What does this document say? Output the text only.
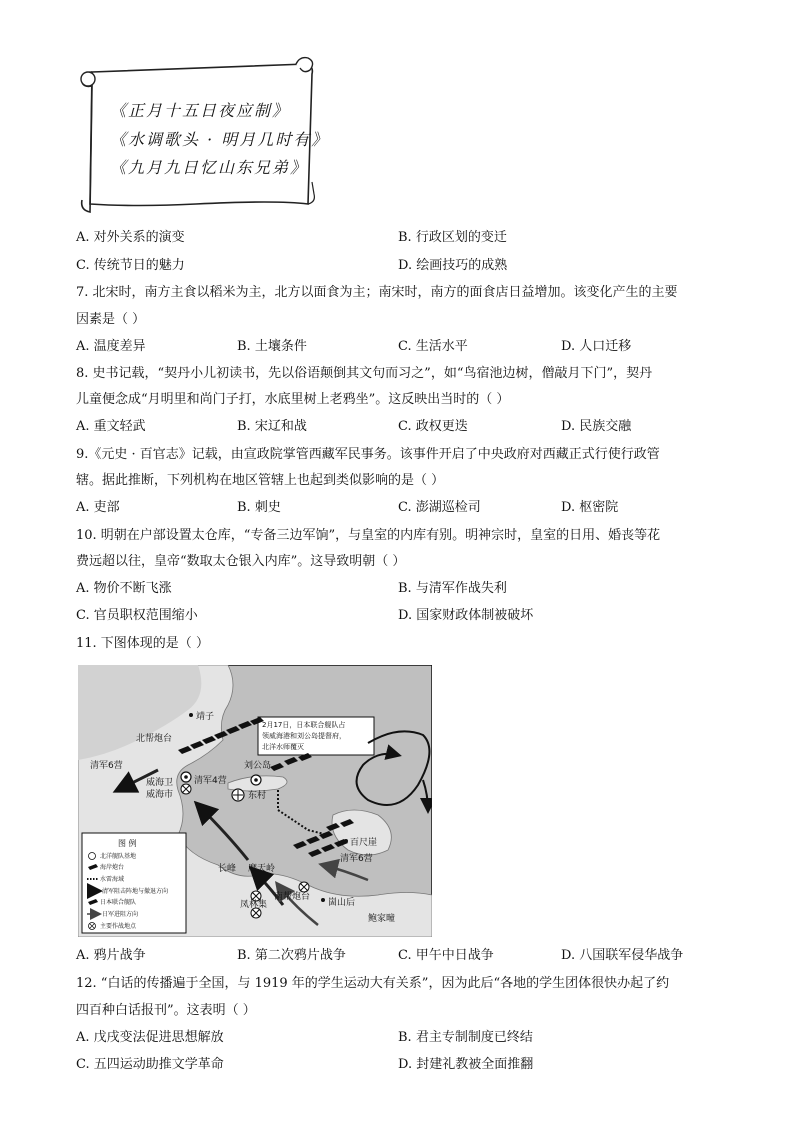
《正月十五日夜应制》
《水调歌头 · 明月几时有》
《九月九日忆山东兄弟》
A. 对外关系的演变	B. 行政区划的变迁
C. 传统节日的魅力	D. 绘画技巧的成熟
7. 北宋时，南方主食以稻米为主，北方以面食为主；南宋时，南方的面食店日益增加。该变化产生的主要
因素是（ ）
A. 温度差异	B. 土壤条件	C. 生活水平	D. 人口迁移
8. 史书记载，“契丹小儿初读书，先以俗语颠倒其文句而习之”，如“鸟宿池边树，僧敲月下门”，契丹
儿童便念成“月明里和尚门子打，水底里树上老鸦坐”。这反映出当时的（ ）
A. 重文轻武	B. 宋辽和战	C. 政权更迭	D. 民族交融
9.《元史 · 百官志》记载，由宣政院掌管西藏军民事务。该事件开启了中央政府对西藏正式行使行政管
辖。据此推断，下列机构在地区管辖上也起到类似影响的是（ ）
A. 吏部	B. 刺史	C. 澎湖巡检司	D. 枢密院
10. 明朝在户部设置太仓库，“专备三边军饷”，与皇室的内库有别。明神宗时，皇室的日用、婚丧等花
费远超以往，皇帝“数取太仓银入内库”。这导致明朝（ ）
A. 物价不断飞涨	B. 与清军作战失利
C. 官员职权范围缩小	D. 国家财政体制被破坏
11. 下图体现的是（ ）
2月17日，日本联合舰队占
领威海港和刘公岛提督府，
北洋水师覆灭
靖子
北帮炮台
清军6营
威海卫
威海市
清军4营
刘公岛
东村
百尺崖
清军6营
长峰 摩天岭
南帮炮台
凤林集	崮山后
鲍家疃
图 例
北洋舰队基地
海岸炮台
水雷海域
清军阻击阵地与撤退方向
日本联合舰队
日军进阻方向
主要作战地点
A. 鸦片战争	B. 第二次鸦片战争	C. 甲午中日战争	D. 八国联军侵华战争
12. “白话的传播遍于全国，与 1919 年的学生运动大有关系”，因为此后“各地的学生团体很快办起了约
四百种白话报刊”。这表明（ ）
A. 戊戌变法促进思想解放	B. 君主专制制度已终结
C. 五四运动助推文学革命	D. 封建礼教被全面推翻
